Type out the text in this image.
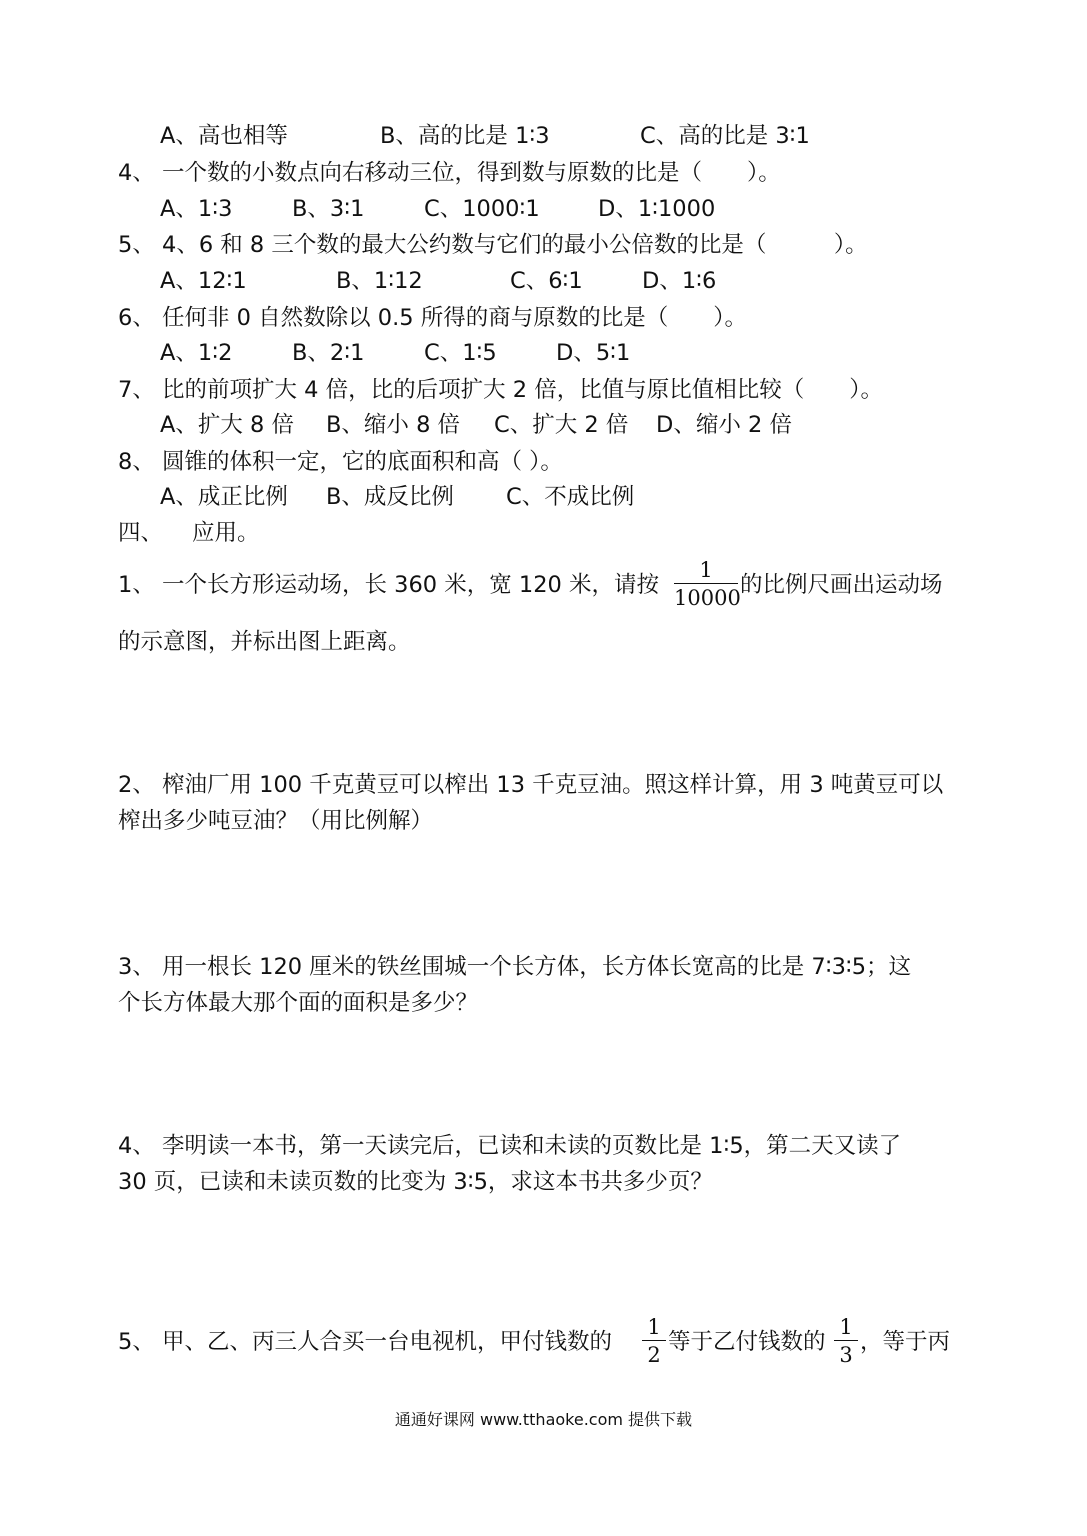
A、高也相等	B、高的比是 1∶3	C、高的比是 3∶1
4、 一个数的小数点向右移动三位，得到数与原数的比是（　　）。
A、1∶3	B、3∶1	C、1000∶1	D、1∶1000
5、 4、6 和 8 三个数的最大公约数与它们的最小公倍数的比是（　　　）。
A、12∶1	B、1∶12	C、6∶1	D、1∶6
6、 任何非 0 自然数除以 0.5 所得的商与原数的比是（　　）。
A、1∶2	B、2∶1	C、1∶5	D、5∶1
7、 比的前项扩大 4 倍，比的后项扩大 2 倍，比值与原比值相比较（　　）。
A、扩大 8 倍 B、缩小 8 倍 C、扩大 2 倍 D、缩小 2 倍
8、 圆锥的体积一定，它的底面积和高（ ）。
A、成正比例 B、成反比例 C、不成比例
四、 应用。
1、 一个长方形运动场，长 360 米，宽 120 米，请按	的比例尺画出运动场
1
10000
的示意图，并标出图上距离。
2、 榨油厂用 100 千克黄豆可以榨出 13 千克豆油。照这样计算，用 3 吨黄豆可以
榨出多少吨豆油？（用比例解）
3、 用一根长 120 厘米的铁丝围城一个长方体，长方体长宽高的比是 7∶3∶5；这
个长方体最大那个面的面积是多少？
4、 李明读一本书，第一天读完后，已读和未读的页数比是 1∶5，第二天又读了
30 页，已读和未读页数的比变为 3∶5，求这本书共多少页？
5、 甲、乙、丙三人合买一台电视机，甲付钱数的 等于乙付钱数的 ，等于丙
1
2
1
3
通通好课网 www.tthaoke.com 提供下载
